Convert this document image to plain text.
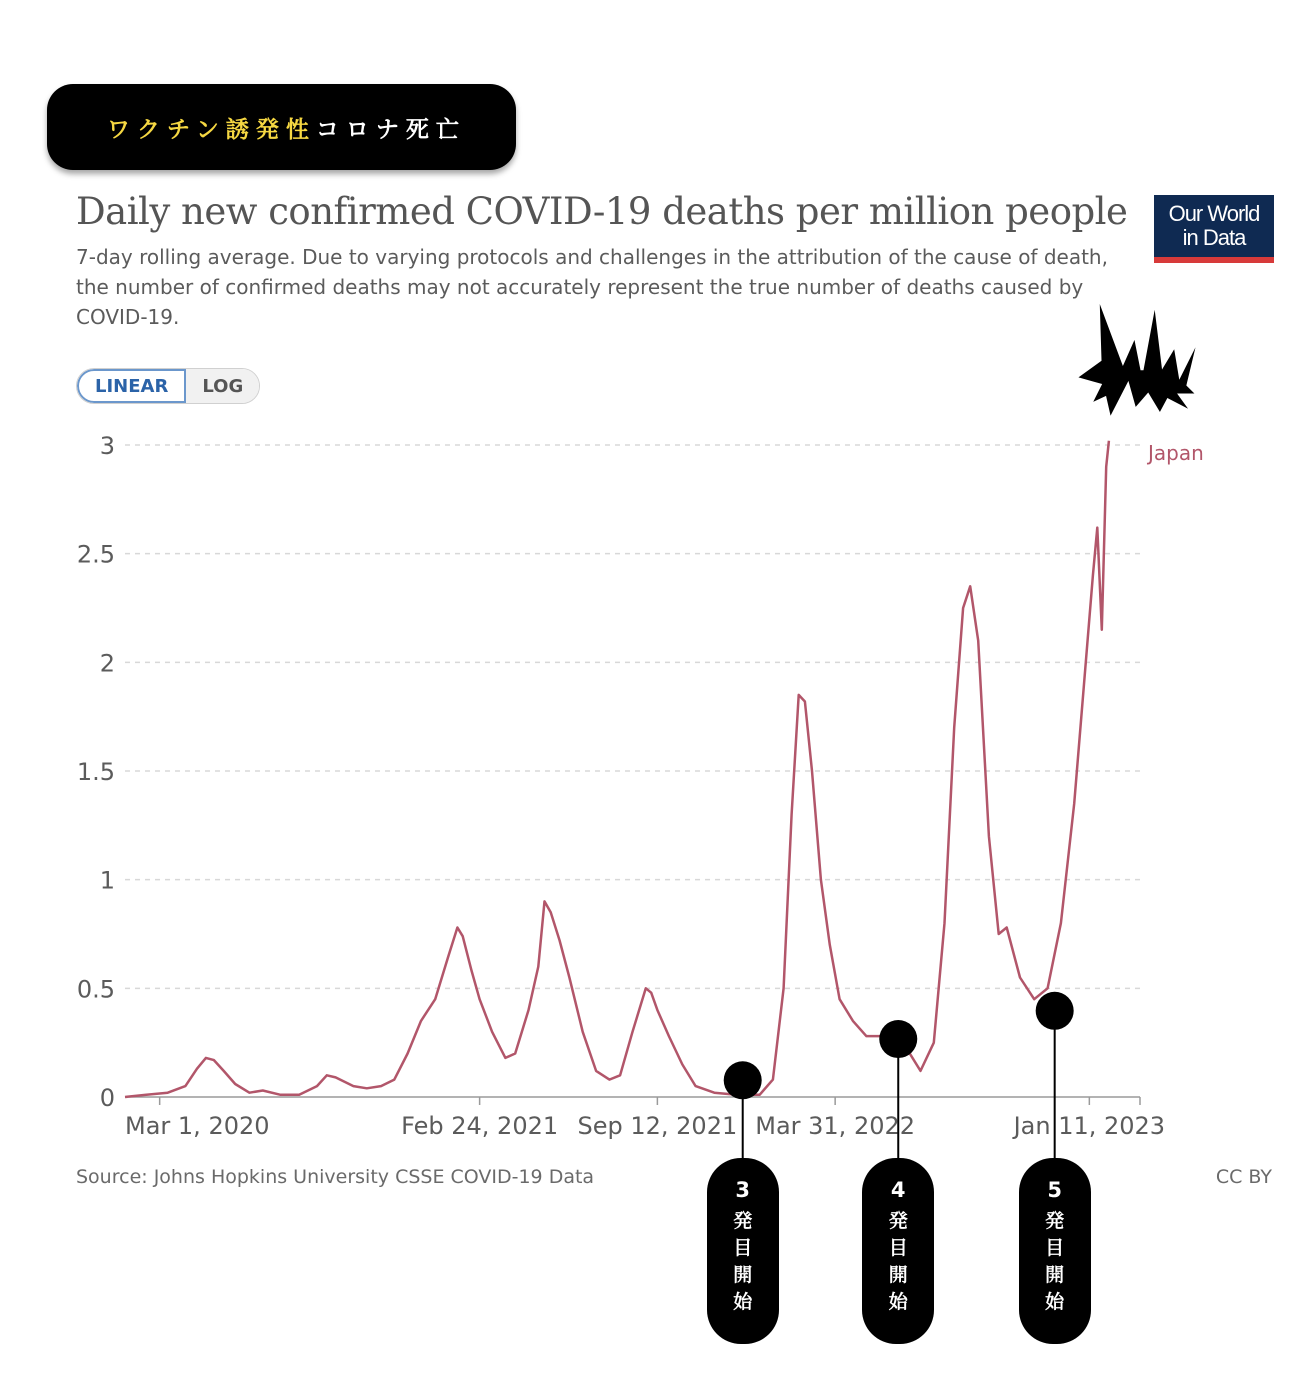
ワクチン誘発性 コロナ死亡
Daily new confirmed COVID-19 deaths per million people
7-day rolling average. Due to varying protocols and challenges in the attribution of the cause of death, the number of confirmed deaths may not accurately represent the true number of deaths caused by COVID-19.
Our World
in Data
LINEAR	LOG
0
0.5
1
1.5
2
2.5
3
Mar 1, 2020	Feb 24, 2021 Sep 12, 2021 Mar 31, 2022	Jan 11, 2023
Japan
3
発
目
開
始
4
発
目
開
始
5
発
目
開
始
Source: Johns Hopkins University CSSE COVID-19 Data	CC BY
